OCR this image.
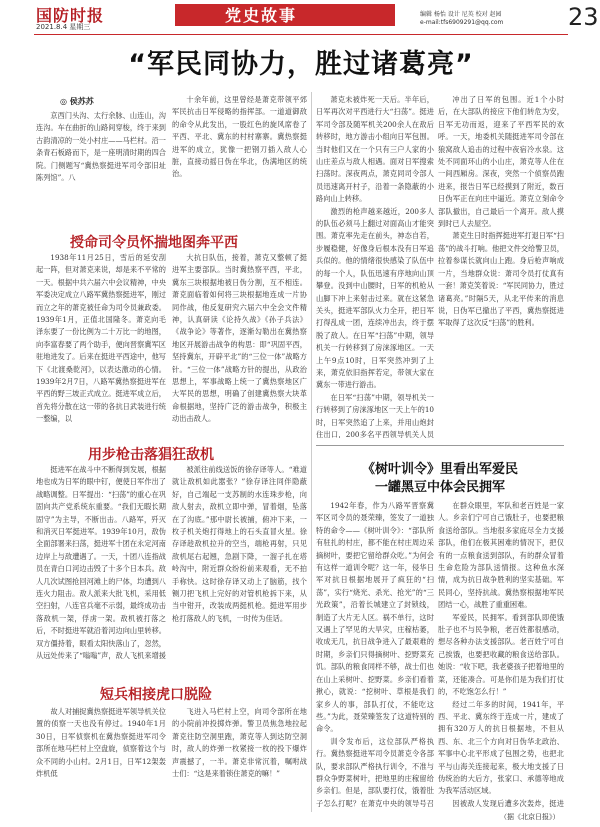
国防时报
2021.8.4 星期三
党史故事	编辑 杨怡 设计 尼英 校对 赵园
e-mail:tfs6909291@qq.com	23
“军民同协力，胜过诸葛亮”
◎ 侯苏苏

京西门头沟、太行余脉、山连山，沟连沟。车在曲折的山路间穿梭，终于来到古韵清凉的一处小村庄——马栏村。沿一条青石板路而下，是一座明清时期的四合院。门侧题写“冀热察挺进军司令部旧址陈列馆”。八

十余年前，这里曾经是萧克带领平郊军民抗击日军侵略的指挥部。一道道御敌的命令从此发出，一股红色的旋风席卷了平西、平北、冀东的村村寨寨。冀热察挺进军的成立，犹像一把钢刀插入敌人心脏，直接动摇日伪在华北，伪满地区的统治。

授命司令员怀揣地图奔平西

1938年11月25日，雪后的延安刮起一阵，但对萧克来说，却是来不平常的一天。根据中共六届六中会议精神，中央军委决定成立八路军冀热察挺进军，刚过而立之年的萧克被任命为司令员兼政委。1939年1月，正值北国隆冬。萧克向毛泽东要了一份比例为二十万比一的地图，向李富春要了两个助手，便向晋察冀军区驻地进发了。后来在挺进平西途中，他写下《北渡桑乾河》，以表达激动的心情。1939年2月7日，八路军冀热察挺进军在平西的野三坡正式成立。挺进军成立后，首先将分散在这一带的各抗日武装进行统一整编，以

大抗日队伍，接着，萧克又整顿了挺进军主要部队。当时冀热察平西，平北，冀东三块根据地被日伪分割，互不相连。萧克面临着如何将三块根据地连成一片协同作战，他反复研究六届六中全会文件精神，认真研读《论持久战》《孙子兵法》《战争论》等著作，逐渐勾勒出在冀热察地区开展游击战争的构思：即“巩固平西，坚持冀东，开辟平北”的“三位一体”战略方针。“三位一体”战略方针的提出，从政治思想上，军事战略上统一了冀热察地区广大军民的思想，明确了创建冀热察大块革命根据地，坚持广泛的游击战争，积极主动出击敌人。

用步枪击落猖狂敌机

挺进军在战斗中不断得到发展，根据地也成为日军的眼中钉，便使日军作出了战略调整。日军提出：“扫荡”的重心在巩固向共产党系统东重要。“我们无暇长期固守”为主导，不断出击。八路军，歼灭和消灭日军挺进军。1939年10月，敌伪全面部署来扫荡，挺进军十团在永定河南边岸上与敌遭遇了。一天，十团八连指战员在青白口河边击毁了十多个日本兵。敌人几次试图抢回河滩上的尸体，均遭到八连火力阻击。敌人派来大批飞机，采用低空扫射，八连官兵毫不示弱，最终成功击落敌机一架，俘虏一架。敌机被打落之后，不时挺进军就沿着河边向山里转移。双方僵持着，眼看太阳快落山了，忽然，从远处传来了“嗡嗡”声，敌人飞机来增援

被派往前线送饭的徐存译等人。“难道就让敌机如此嚣张？”徐存译注同伴隐蔽好，自己端起一支苏制的水连珠步枪，向敌人射去，敌机立即中弹，冒着烟，坠落在了沟底。”那中尉长被捕，俯冲下来，一枚子机关炮打得地上的石头直冒火星。徐存译趁敌机拉升的空当，端枪再射，只见敌机尾右起翘，急剧下降，一溜子扎在塔岭沟中，附近群众纷纷前来观看，无不拍手称快。这时徐存译又动上了脑筋，找个铡刀把飞机上完好的对管机枪拆下来，从当中钳开，改装成两挺机枪。挺进军用步枪打落敌人的飞机，一时传为佳话。

短兵相接虎口脱险

故人对捕捉冀热察挺进军领导机关位置的侦察一天也没有停过。1940年1月30日，日军侦察机在冀热察挺进军司令部所在地马栏村上空盘旋，侦察着这个与众不同的小山村。2月1日，日军12架轰炸机低

飞进入马栏村上空，向司令部所在地的小院前冲投掷炸弹。警卫员焦急地拉起萧克往防空洞里跑，萧克等人到达防空洞时，敌人的炸弹一枚紧接一枚的投下爆炸声震撼了，一半。萧克非常沉着，嘱咐战士们：“这是来着锁住萧克的嘛！”

萧克未被炸死一天后。半年后，日军再次对平西进行大“扫荡”。挺进军司令部及随军机关200余人在敌后转移时，地方游击小组向日军包围。当时他们又在一个只有三户人家的小山庄差点与敌人相遇。面对日军搜索扫荡时。深夜两点，萧克同司令部人员迅速离开村子，沿着一条隐蔽的小路向山上转移。

激烈的枪声越来越近，200多人的队伍必须马上翻过对面高山才能突围。萧克率先走在前头，神态自若，步履稳健，好像身后根本没有日军追兵似的。他的情绪很快感染了队伍中的每一个人，队伍迅速有序地向山顶攀登。没到中山腰时，日军的机枪从山脚下冲上来射击过来。就在这紧急关头，挺进军部队火力全开，把日军打得乱成一团，连续冲出去，终于摆脱了敌人。在日军“扫荡”中期，领导机关一行转移到了房涞涿地区。一天上午9点10时，日军突然冲到了上来，萧克依旧指挥若定，带领大家在冀东一带进行游击。

在日军“扫荡”中期，领导机关一行转移到了房涞涿地区一天上午的10时，日军突然追了上来，并用山炮封住出口，200多名平西领导机关人员

冲出了日军的包围。近1个小时后，在大部队的接应下他们转危为安，日军无功而返，迎来了平西军民的欢呼。一天，地委机关随挺进军司令部在狼窝敌人追击的过程中夜宿冷水泉。这处不同面环山的小山庄，萧克等人住在一间西厢房。深夜，突然一个侦察员跑进来，报告日军已经摸到了附近，数百日伪军正在向庄中逼近。萧克立刻命令部队撤出，自己最后一个离开。敌人摸到时已人去屋空。

萧克生日时指挥挺进军打退日军“扫荡”的战斗打响。他把文件交给警卫员，拉着参谋长就向山上跑。身后枪声响成一片，当地群众说：萧司令员打仗真有一套！萧克笑着说：“军民同协力，胜过诸葛亮。”时隔5天，从北平传来的消息说，日伪军已撤出了平西，冀热察挺进军取得了这次反“扫荡”的胜利。

《树叶训令》里看出军爱民
一罐黑豆中体会民拥军

1942年春，作为八路军晋察冀军区司令员的聂荣臻，签发了一道独特的命令——《树叶训令》：“部队所有驻扎的村庄，都不能在村庄周边采摘树叶，要把它留给群众吃。”为何会有这样一道训令呢？这一年，侵华日军对抗日根据地展开了疯狂的“扫荡”，实行“烧光、杀光、抢光”的“三光政策”，沿着长城建立了封锁线，制造了大片无人区。祸不单行，这时又遇上了罕见的大旱灾，庄稼枯萎，收成无几，抗日战争进入了最艰难的时期，乡亲们只得摘树叶、挖野菜充饥。部队的粮食同样不够，战士们也在山上采树叶、挖野菜。乡亲们看着揪心，就说：“挖树叶、草根是我们家乡人的事，部队打仗，不能吃这些。”为此，聂荣臻签发了这道特别的命令。

训令发布后，这位部队严格执行。冀热察挺进军司令员萧克令各部队，要求部队严格执行训令，不准与群众争野菜树叶，把地里的庄稼留给乡亲们。但是，部队要打仗，饿着肚子怎么打呢？在萧克中央的领导号召

在群众眼里，军队和老百姓是一家人。乡亲们宁可自己饿肚子，也要把粮食送给部队。当地很多家庭尽全力支援部队，他们在极其困难的情况下，把仅有的一点粮食送到部队，有的群众冒着生命危险为部队送情报。这种鱼水深情，成为抗日战争胜利的坚实基础。军民同心，坚持抗战。冀热察根据地军民团结一心，战胜了重重困难。

军爱民，民拥军。看到部队即使饿肚子也不与民争粮，老百姓都很感动，想尽各种办法支援部队。老百姓宁可自己挨饿，也要把收藏的粮食送给部队。她说：“收下吧，我老婆孩子把着地里的菜，还能凑合。可是你们是为我们打仗的，不吃饱怎么行！”

经过二年多的时间，1941年，平西、平北、冀东终于连成一片，建成了拥有320万人的抗日根据地，不但从西、东、北三个方向对日伪华北政治、军事中心北平形成了包围之势，也把北平与山海关连接起来，极大地支援了日伪统治的大后方，张家口、承德等地成为我军活动区域。

因被敌人发现后遭多次轰炸，挺进

（据《北京日报》）
